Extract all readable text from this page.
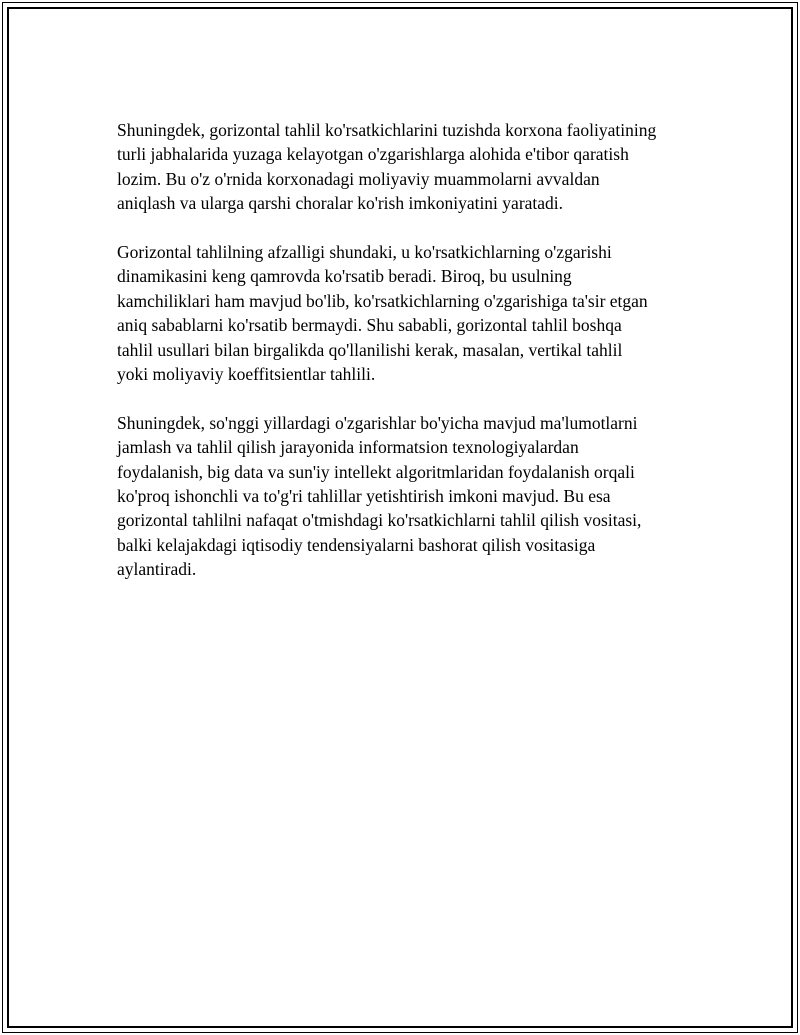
Shuningdek, gorizontal tahlil ko'rsatkichlarini tuzishda korxona faoliyatining
turli jabhalarida yuzaga kelayotgan o'zgarishlarga alohida e'tibor qaratish
lozim. Bu o'z o'rnida korxonadagi moliyaviy muammolarni avvaldan
aniqlash va ularga qarshi choralar ko'rish imkoniyatini yaratadi.

Gorizontal tahlilning afzalligi shundaki, u ko'rsatkichlarning o'zgarishi
dinamikasini keng qamrovda ko'rsatib beradi. Biroq, bu usulning
kamchiliklari ham mavjud bo'lib, ko'rsatkichlarning o'zgarishiga ta'sir etgan
aniq sabablarni ko'rsatib bermaydi. Shu sababli, gorizontal tahlil boshqa
tahlil usullari bilan birgalikda qo'llanilishi kerak, masalan, vertikal tahlil
yoki moliyaviy koeffitsientlar tahlili.

Shuningdek, so'nggi yillardagi o'zgarishlar bo'yicha mavjud ma'lumotlarni
jamlash va tahlil qilish jarayonida informatsion texnologiyalardan
foydalanish, big data va sun'iy intellekt algoritmlaridan foydalanish orqali
ko'proq ishonchli va to'g'ri tahlillar yetishtirish imkoni mavjud. Bu esa
gorizontal tahlilni nafaqat o'tmishdagi ko'rsatkichlarni tahlil qilish vositasi,
balki kelajakdagi iqtisodiy tendensiyalarni bashorat qilish vositasiga
aylantiradi.
